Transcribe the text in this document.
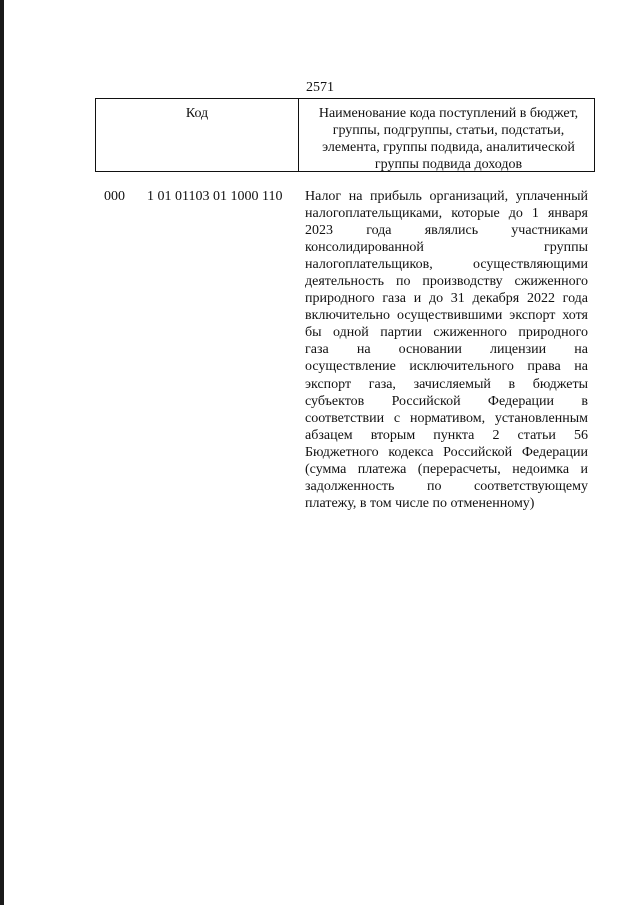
2571
Код	Наименование кода поступлений в бюджет, группы, подгруппы, статьи, подстатьи, элемента, группы подвида, аналитической группы подвида доходов
000 1 01 01103 01 1000 110 Налог на прибыль организаций, уплаченный
налогоплательщиками, которые до 1 января
2023 года являлись участниками
консолидированной группы
налогоплательщиков, осуществляющими
деятельность по производству сжиженного
природного газа и до 31 декабря 2022 года
включительно осуществившими экспорт хотя
бы одной партии сжиженного природного
газа на основании лицензии на
осуществление исключительного права на
экспорт газа, зачисляемый в бюджеты
субъектов Российской Федерации в
соответствии с нормативом, установленным
абзацем вторым пункта 2 статьи 56
Бюджетного кодекса Российской Федерации
(сумма платежа (перерасчеты, недоимка и
задолженность по соответствующему
платежу, в том числе по отмененному)
